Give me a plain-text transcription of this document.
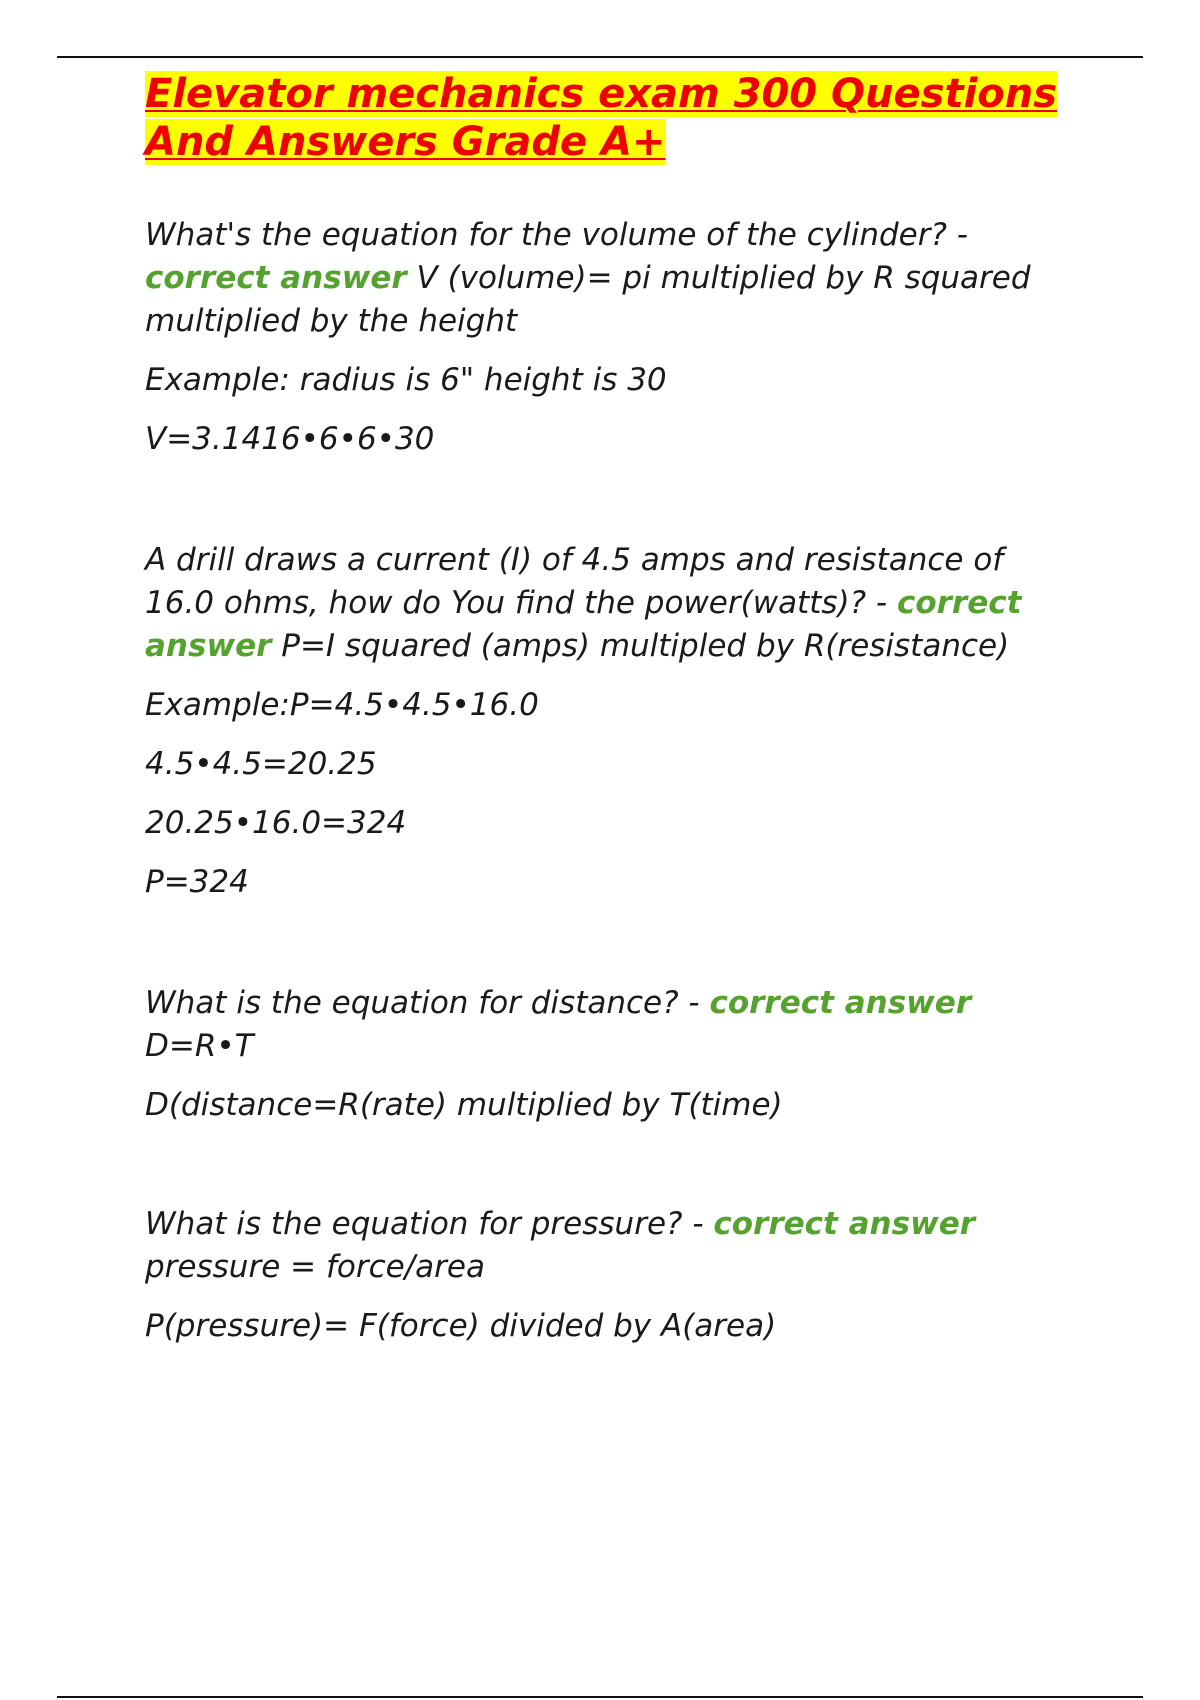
Elevator mechanics exam 300 Questions And Answers Grade A+

What's the equation for the volume of the cylinder? - correct answer V (volume)= pi multiplied by R squared multiplied by the height

Example: radius is 6" height is 30

V=3.1416•6•6•30

A drill draws a current (I) of 4.5 amps and resistance of 16.0 ohms, how do You find the power(watts)? - correct answer P=I squared (amps) multipled by R(resistance)

Example:P=4.5•4.5•16.0

4.5•4.5=20.25

20.25•16.0=324

P=324

What is the equation for distance? - correct answer D=R•T

D(distance=R(rate) multiplied by T(time)

What is the equation for pressure? - correct answer pressure = force/area

P(pressure)= F(force) divided by A(area)
